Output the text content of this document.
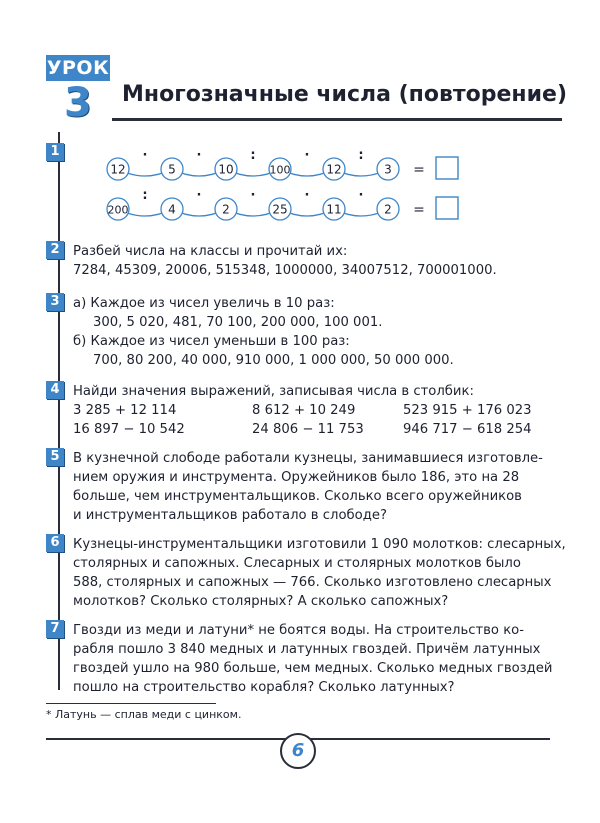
УРОК
3 Многозначные числа (повторение)
1
12	5	10	100	12	3
·	·	:	·	:
=
200	4	2	25	11	2
:	·	·	·	·
=
2	Разбей числа на классы и прочитай их:
7284, 45309, 20006, 515348, 1000000, 34007512, 700001000.
3	а) Каждое из чисел увеличь в 10 раз:
300, 5 020, 481, 70 100, 200 000, 100 001.
б) Каждое из чисел уменьши в 100 раз:
700, 80 200, 40 000, 910 000, 1 000 000, 50 000 000.
4	Найди значения выражений, записывая числа в столбик:
3 285 + 12 114	8 612 + 10 249	523 915 + 176 023
16 897 − 10 542	24 806 − 11 753	946 717 − 618 254
5	В кузнечной слободе работали кузнецы, занимавшиеся изготовле-
нием оружия и инструмента. Оружейников было 186, это на 28
больше, чем инструментальщиков. Сколько всего оружейников
и инструментальщиков работало в слободе?
6	Кузнецы-инструментальщики изготовили 1 090 молотков: слесарных,
столярных и сапожных. Слесарных и столярных молотков было
588, столярных и сапожных — 766. Сколько изготовлено слесарных
молотков? Сколько столярных? А сколько сапожных?
7	Гвозди из меди и латуни* не боятся воды. На строительство ко-
рабля пошло 3 840 медных и латунных гвоздей. Причём латунных
гвоздей ушло на 980 больше, чем медных. Сколько медных гвоздей
пошло на строительство корабля? Сколько латунных?
* Латунь — сплав меди с цинком.
6
